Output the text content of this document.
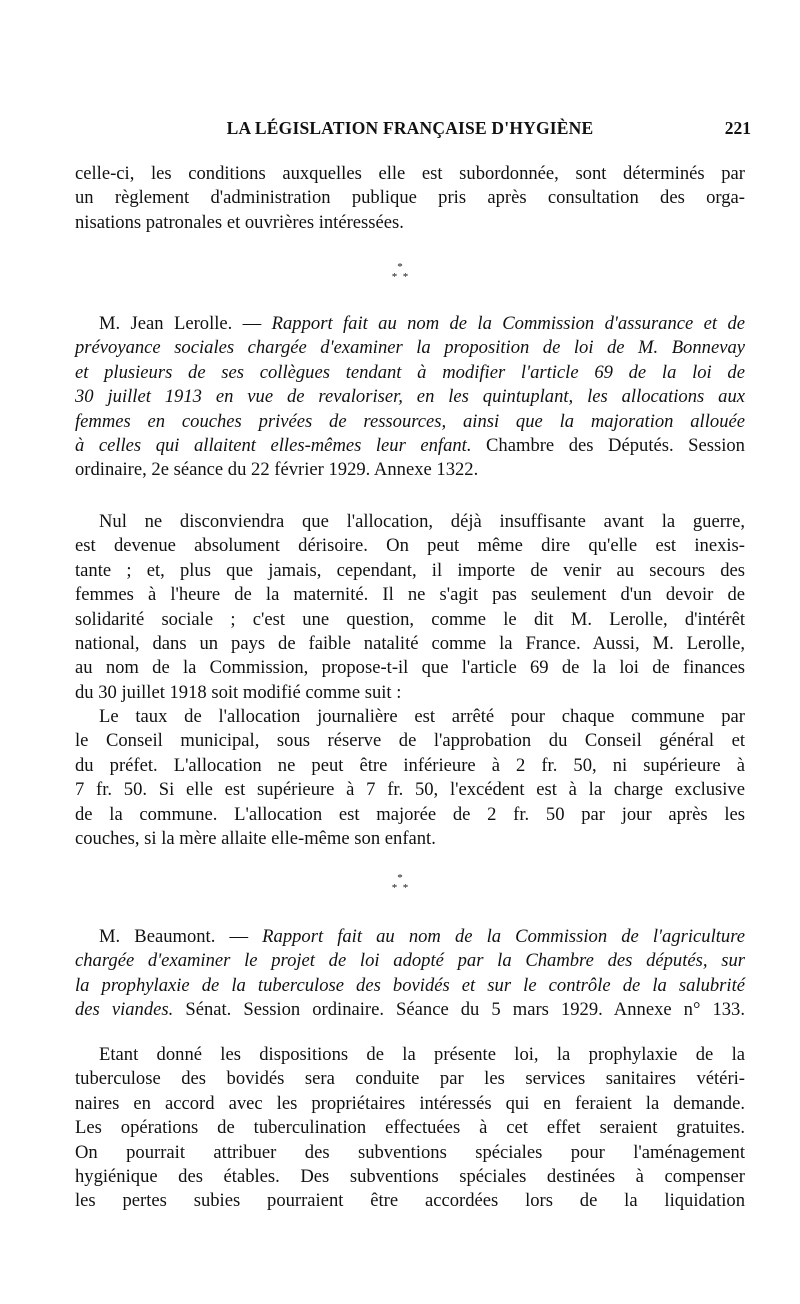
LA LÉGISLATION FRANÇAISE D'HYGIÈNE	221
celle-ci, les conditions auxquelles elle est subordonnée, sont déterminés par
un règlement d'administration publique pris après consultation des orga-
nisations patronales et ouvrières intéressées.
*
*  *
M. Jean Lerolle. — Rapport fait au nom de la Commission d'assurance et de
prévoyance sociales chargée d'examiner la proposition de loi de M. Bonnevay
et plusieurs de ses collègues tendant à modifier l'article 69 de la loi de
30 juillet 1913 en vue de revaloriser, en les quintuplant, les allocations aux
femmes en couches privées de ressources, ainsi que la majoration allouée
à celles qui allaitent elles-mêmes leur enfant. Chambre des Députés. Session
ordinaire, 2e séance du 22 février 1929. Annexe 1322.
Nul ne disconviendra que l'allocation, déjà insuffisante avant la guerre,
est devenue absolument dérisoire. On peut même dire qu'elle est inexis-
tante ; et, plus que jamais, cependant, il importe de venir au secours des
femmes à l'heure de la maternité. Il ne s'agit pas seulement d'un devoir de
solidarité sociale ; c'est une question, comme le dit M. Lerolle, d'intérêt
national, dans un pays de faible natalité comme la France. Aussi, M. Lerolle,
au nom de la Commission, propose-t-il que l'article 69 de la loi de finances
du 30 juillet 1918 soit modifié comme suit :
Le taux de l'allocation journalière est arrêté pour chaque commune par
le Conseil municipal, sous réserve de l'approbation du Conseil général et
du préfet. L'allocation ne peut être inférieure à 2 fr. 50, ni supérieure à
7 fr. 50. Si elle est supérieure à 7 fr. 50, l'excédent est à la charge exclusive
de la commune. L'allocation est majorée de 2 fr. 50 par jour après les
couches, si la mère allaite elle-même son enfant.
*
*  *
M. Beaumont. — Rapport fait au nom de la Commission de l'agriculture
chargée d'examiner le projet de loi adopté par la Chambre des députés, sur
la prophylaxie de la tuberculose des bovidés et sur le contrôle de la salubrité
des viandes. Sénat. Session ordinaire. Séance du 5 mars 1929. Annexe n° 133.
Etant donné les dispositions de la présente loi, la prophylaxie de la
tuberculose des bovidés sera conduite par les services sanitaires vétéri-
naires en accord avec les propriétaires intéressés qui en feraient la demande.
Les opérations de tuberculination effectuées à cet effet seraient gratuites.
On pourrait attribuer des subventions spéciales pour l'aménagement
hygiénique des étables. Des subventions spéciales destinées à compenser
les pertes subies pourraient être accordées lors de la liquidation
